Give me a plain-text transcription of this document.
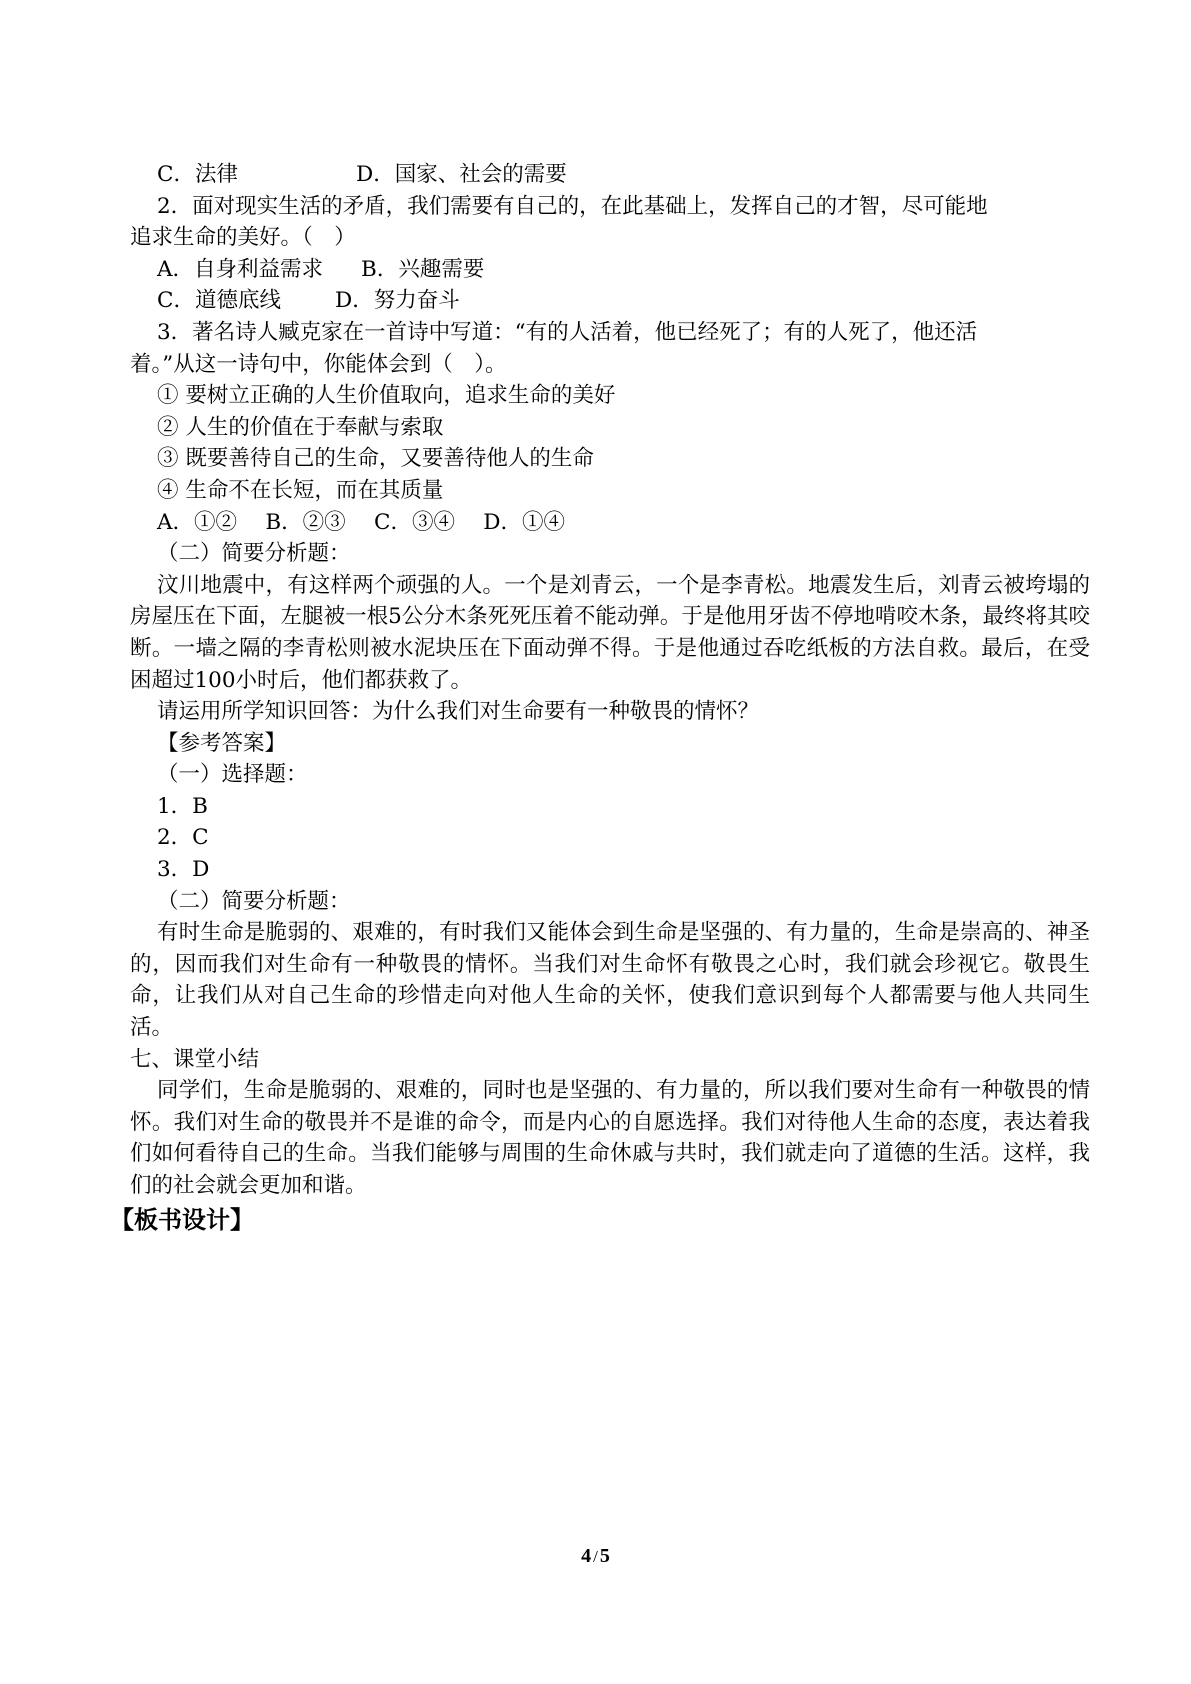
C．法律	D．国家、社会的需要
2．面对现实生活的矛盾，我们需要有自己的，在此基础上，发挥自己的才智，尽可能地
追求生命的美好。（　）
A．自身利益需求 B．兴趣需要
C．道德底线	D．努力奋斗
3．著名诗人臧克家在一首诗中写道：“有的人活着，他已经死了；有的人死了，他还活
着。”从这一诗句中，你能体会到（　）。
① 要树立正确的人生价值取向，追求生命的美好
② 人生的价值在于奉献与索取
③ 既要善待自己的生命，又要善待他人的生命
④ 生命不在长短，而在其质量
A．①②　 B．②③　 C．③④　 D．①④
（二）简要分析题：
汶川地震中，有这样两个顽强的人。一个是刘青云，一个是李青松。地震发生后，刘青云被垮塌的房屋压在下面，左腿被一根5公分木条死死压着不能动弹。于是他用牙齿不停地啃咬木条，最终将其咬断。一墙之隔的李青松则被水泥块压在下面动弹不得。于是他通过吞吃纸板的方法自救。最后，在受困超过100小时后，他们都获救了。
请运用所学知识回答：为什么我们对生命要有一种敬畏的情怀？
【参考答案】
（一）选择题：
1．B
2．C
3．D
（二）简要分析题：
有时生命是脆弱的、艰难的，有时我们又能体会到生命是坚强的、有力量的，生命是崇高的、神圣的，因而我们对生命有一种敬畏的情怀。当我们对生命怀有敬畏之心时，我们就会珍视它。敬畏生命，让我们从对自己生命的珍惜走向对他人生命的关怀，使我们意识到每个人都需要与他人共同生活。
七、课堂小结
同学们，生命是脆弱的、艰难的，同时也是坚强的、有力量的，所以我们要对生命有一种敬畏的情怀。我们对生命的敬畏并不是谁的命令，而是内心的自愿选择。我们对待他人生命的态度，表达着我们如何看待自己的生命。当我们能够与周围的生命休戚与共时，我们就走向了道德的生活。这样，我们的社会就会更加和谐。
【板书设计】
4 / 5
